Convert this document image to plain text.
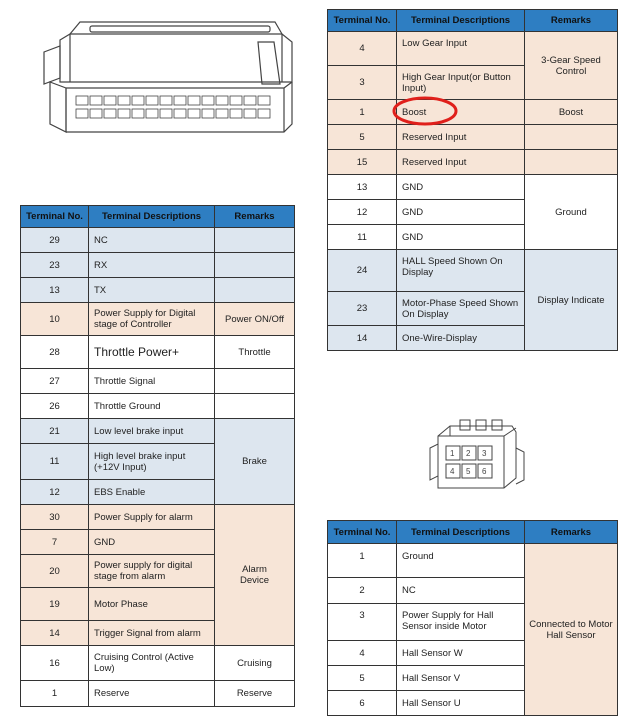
1 2 3
4 5 6
Terminal No.	Terminal Descriptions	Remarks
29	NC	
23	RX	
13	TX	
10	Power Supply for Digital stage of Controller	Power ON/Off
28	Throttle Power+	Throttle
27	Throttle Signal	
26	Throttle Ground	
21	Low level brake input	Brake
11	High level brake input (+12V Input)	
12	EBS Enable	
30	Power Supply for alarm	Alarm Device
7	GND	
20	Power supply for digital stage from alarm	
19	Motor Phase	
14	Trigger Signal from alarm	
16	Cruising Control (Active Low)	Cruising
1	Reserve	Reserve
Terminal No.	Terminal Descriptions	Remarks
4	Low Gear Input	3-Gear Speed Control
3	High Gear Input(or Button Input)	
1	Boost	Boost
5	Reserved Input	
15	Reserved Input	
13	GND	Ground
12	GND	
11	GND	
24	HALL Speed Shown On Display	Display Indicate
23	Motor-Phase Speed Shown On Display	
14	One-Wire-Display	
Terminal No.	Terminal Descriptions	Remarks
1	Ground	Connected to Motor Hall Sensor
2	NC	
3	Power Supply for Hall Sensor inside Motor	
4	Hall Sensor W	
5	Hall Sensor V	
6	Hall Sensor U	
